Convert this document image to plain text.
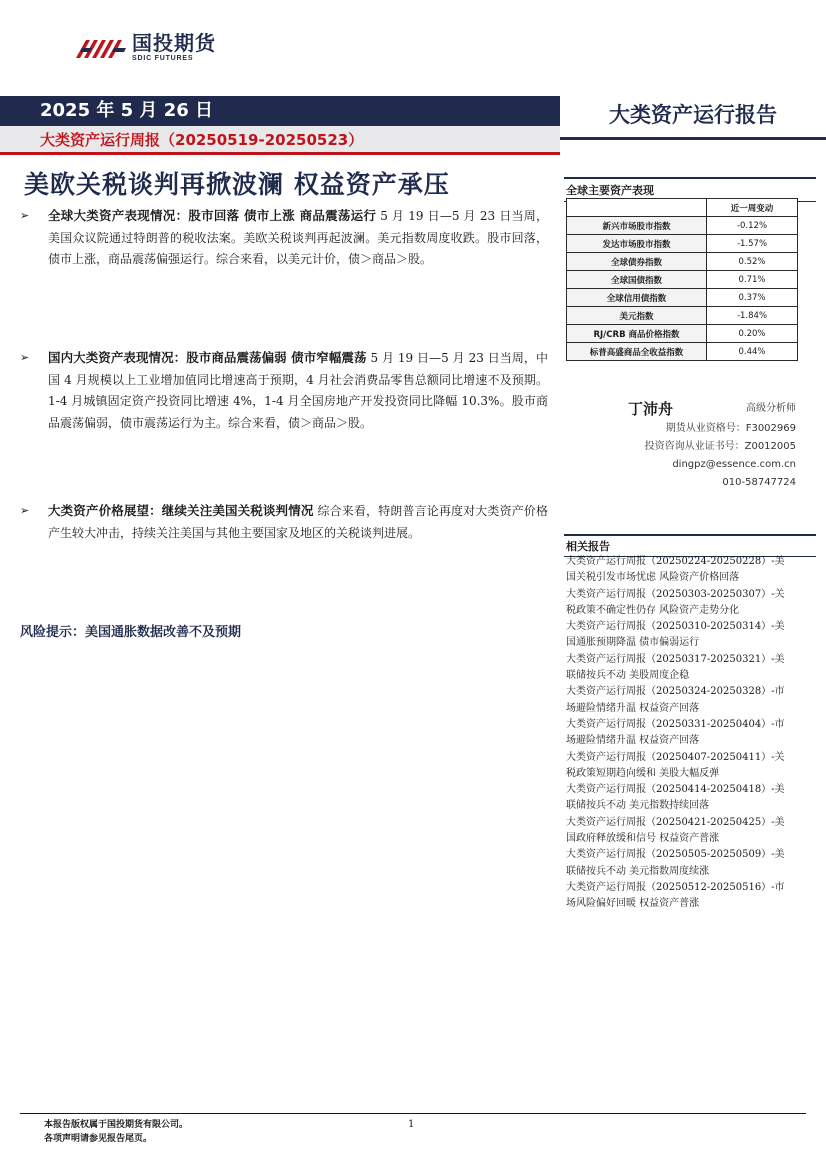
国投期货
SDIC FUTURES
2025 年 5 月 26 日
大类资产运行周报（20250519-20250523）
大类资产运行报告
美欧关税谈判再掀波澜 权益资产承压
➢	全球大类资产表现情况：股市回落 债市上涨 商品震荡运行 5 月 19 日—5 月 23 日当周，美国众议院通过特朗普的税收法案。美欧关税谈判再起波澜。美元指数周度收跌。股市回落，债市上涨，商品震荡偏强运行。综合来看，以美元计价，债＞商品＞股。

➢	国内大类资产表现情况：股市商品震荡偏弱 债市窄幅震荡 5 月 19 日—5 月 23 日当周，中国 4 月规模以上工业增加值同比增速高于预期，4 月社会消费品零售总额同比增速不及预期。1-4 月城镇固定资产投资同比增速 4%，1-4 月全国房地产开发投资同比降幅 10.3%。股市商品震荡偏弱，债市震荡运行为主。综合来看，债＞商品＞股。

➢	大类资产价格展望：继续关注美国关税谈判情况 综合来看，特朗普言论再度对大类资产价格产生较大冲击，持续关注美国与其他主要国家及地区的关税谈判进展。

风险提示：美国通胀数据改善不及预期
全球主要资产表现
	近一周变动
新兴市场股市指数	-0.12%
发达市场股市指数	-1.57%
全球债券指数	0.52%
全球国债指数	0.71%
全球信用债指数	0.37%
美元指数	-1.84%
RJ/CRB 商品价格指数	0.20%
标普高盛商品全收益指数	0.44%
丁沛舟	高级分析师
期货从业资格号：F3002969
投资咨询从业证书号：Z0012005
dingpz@essence.com.cn
010-58747724
相关报告

大类资产运行周报（20250224-20250228）-美国关税引发市场忧虑 风险资产价格回落

大类资产运行周报（20250303-20250307）-关税政策不确定性仍存 风险资产走势分化

大类资产运行周报（20250310-20250314）-美国通胀预期降温 债市偏弱运行

大类资产运行周报（20250317-20250321）-美联储按兵不动 美股周度企稳

大类资产运行周报（20250324-20250328）-市场避险情绪升温 权益资产回落

大类资产运行周报（20250331-20250404）-市场避险情绪升温 权益资产回落

大类资产运行周报（20250407-20250411）-关税政策短期趋向缓和 美股大幅反弹

大类资产运行周报（20250414-20250418）-美联储按兵不动 美元指数持续回落

大类资产运行周报（20250421-20250425）-美国政府释放缓和信号 权益资产普涨

大类资产运行周报（20250505-20250509）-美联储按兵不动 美元指数周度续涨

大类资产运行周报（20250512-20250516）-市场风险偏好回暖 权益资产普涨

本报告版权属于国投期货有限公司。
各项声明请参见报告尾页。
1
